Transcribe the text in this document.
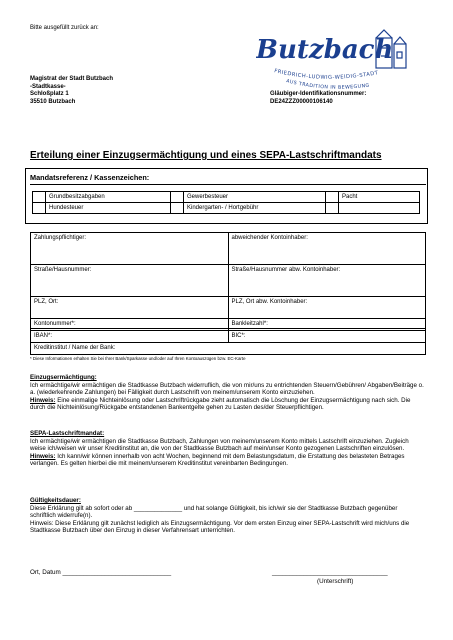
Bitte ausgefüllt zurück an:
Magistrat der Stadt Butzbach
-Stadtkasse-
Schloßplatz 1
35510 Butzbach
Gläubiger-Identifikationsnummer:
DE24ZZZ00000106140
Butzbach
FRIEDRICH-LUDWIG-WEIDIG-STADT
AUS TRADITION IN BEWEGUNG
Erteilung einer Einzugsermächtigung und eines SEPA-Lastschriftmandats
Mandatsreferenz / Kassenzeichen:
	Grundbesitzabgaben		Gewerbesteuer		Pacht
	Hundesteuer		Kindergarten- / Hortgebühr		
Zahlungspflichtiger:	abweichender Kontoinhaber:
Straße/Hausnummer:	Straße/Hausnummer abw. Kontoinhaber:
PLZ, Ort:	PLZ, Ort abw. Kontoinhaber:
Kontonummer*:	Bankleitzahl*:
IBAN*:	BIC*:
Kreditinstitut / Name der Bank:	
* Diese Informationen erhalten Sie bei Ihrer Bank/Sparkasse und/oder auf Ihren Kontoauszügen bzw. EC-Karte

Einzugsermächtigung:

Ich ermächtige/wir ermächtigen die Stadtkasse Butzbach widerruflich, die von mir/uns zu entrichtenden Steuern/Gebühren/ Abgaben/Beiträge o. a. (wiederkehrende Zahlungen) bei Fälligkeit durch Lastschrift von meinem/unserem Konto einzuziehen.

Hinweis: Eine einmalige Nichteinlösung oder Lastschriftrückgabe zieht automatisch die Löschung der Einzugsermächtigung nach sich. Die durch die Nichteinlösung/Rückgabe entstandenen Bankentgelte gehen zu Lasten des/der Steuerpflichtigen.

SEPA-Lastschriftmandat:

Ich ermächtige/wir ermächtigen die Stadtkasse Butzbach, Zahlungen von meinem/unserem Konto mittels Lastschrift einzuziehen. Zugleich weise ich/weisen wir unser Kreditinstitut an, die von der Stadtkasse Butzbach auf mein/unser Konto gezogenen Lastschriften einzulösen.

Hinweis: Ich kann/wir können innerhalb von acht Wochen, beginnend mit dem Belastungsdatum, die Erstattung des belasteten Betrages verlangen. Es gelten hierbei die mit meinem/unserem Kreditinstitut vereinbarten Bedingungen.

Gültigkeitsdauer:

Diese Erklärung gilt ab sofort oder ab ______________ und hat solange Gültigkeit, bis ich/wir sie der Stadtkasse Butzbach gegenüber schriftlich widerrufe(n).

Hinweis: Diese Erklärung gilt zunächst lediglich als Einzugsermächtigung. Vor dem ersten Einzug einer SEPA-Lastschrift wird mich/uns die Stadtkasse Butzbach über den Einzug in dieser Verfahrensart unterrichten.

Ort, Datum _______________________________	_________________________________
(Unterschrift)
